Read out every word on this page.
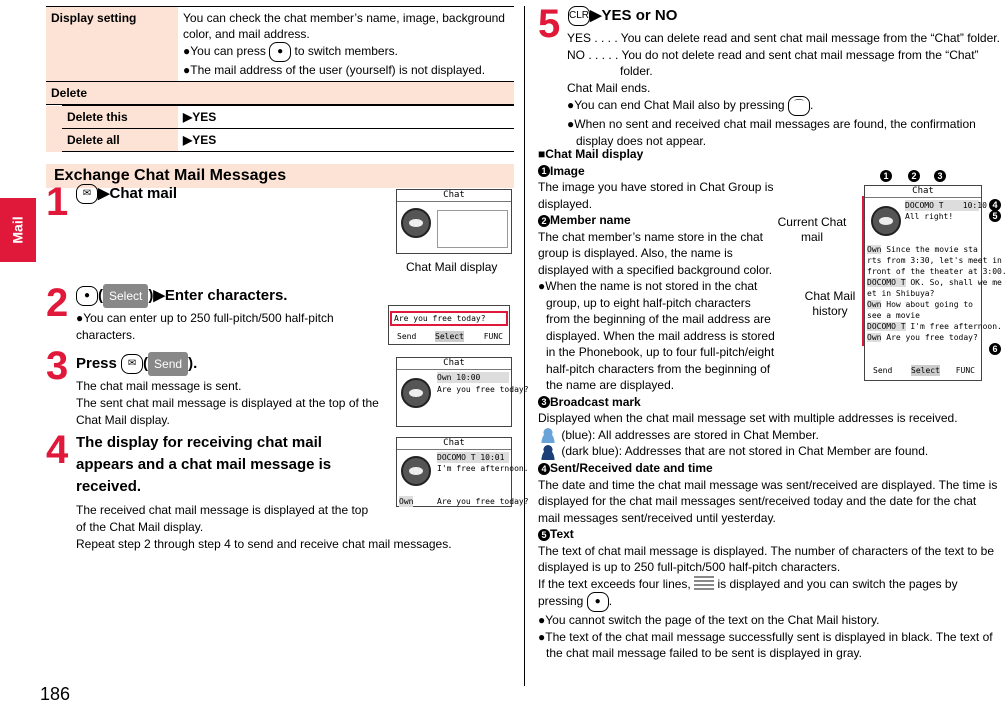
Mail
186
Display setting	You can check the chat member’s name, image, background color, and mail address.
●You can press ● to switch members.
●The mail address of the user (yourself) is not displayed.

Delete

	Delete this	▶YES
	Delete all	▶YES
Exchange Chat Mail Messages
1	✉ ▶Chat mail	Chat
Chat Mail display
2	● ( Select )▶Enter characters.
●You can enter up to 250 full-pitch/500 half-pitch characters.
Are you free today?
Send Select FUNC
3 Press ✉ ( Send ).
The chat mail message is sent.
The sent chat mail message is displayed at the top of the Chat Mail display.
Chat
Own 10:00
Are you free today?
4 The display for receiving chat mail appears and a chat mail message is received.
The received chat mail message is displayed at the top of the Chat Mail display.
Repeat step 2 through step 4 to send and receive chat mail messages.
Chat
DOCOMO T 10:01
I'm free afternoon.
Own	Are you free today?
5 CLR▶YES or NO
YES . . . . You can delete read and sent chat mail message from the “Chat” folder.
NO . . . . . You do not delete read and sent chat mail message from the “Chat”
folder.
Chat Mail ends.
●You can end Chat Mail also by pressing ⌒ .
●When no sent and received chat mail messages are found, the confirmation
display does not appear.
■Chat Mail display
1 Image
The image you have stored in Chat Group is displayed.
2 Member name
The chat member’s name store in the chat group is displayed. Also, the name is displayed with a specified background color.
●When the name is not stored in the chat group, up to eight half-pitch characters from the beginning of the mail address are displayed. When the mail address is stored in the Phonebook, up to four full-pitch/eight half-pitch characters from the beginning of the name are displayed.
3 Broadcast mark
Displayed when the chat mail message set with multiple addresses is received.
(blue): All addresses are stored in Chat Member.
(dark blue): Addresses that are not stored in Chat Member are found.
4 Sent/Received date and time
The date and time the chat mail message was sent/received are displayed. The time is displayed for the chat mail messages sent/received today and the date for the chat mail messages sent/received until yesterday.
5 Text
The text of chat mail message is displayed. The number of characters of the text to be displayed is up to 250 full-pitch/500 half-pitch characters.
If the text exceeds four lines, is displayed and you can switch the pages by pressing ● .
●You cannot switch the page of the text on the Chat Mail history.
●The text of the chat mail message successfully sent is displayed in black. The text of the chat mail message failed to be sent is displayed in gray.
Chat
DOCOMO T    10:10
All right!
Own Since the movie sta
rts from 3:30, let's meet in
front of the theater at 3:00.
DOCOMO T OK. So, shall we me
et in Shibuya?
Own How about going to
see a movie
DOCOMO T I'm free afternoon.
Own Are you free today?
Send Select FUNC
Current Chat mail
Chat Mail history
1	2	3
4
5
6
